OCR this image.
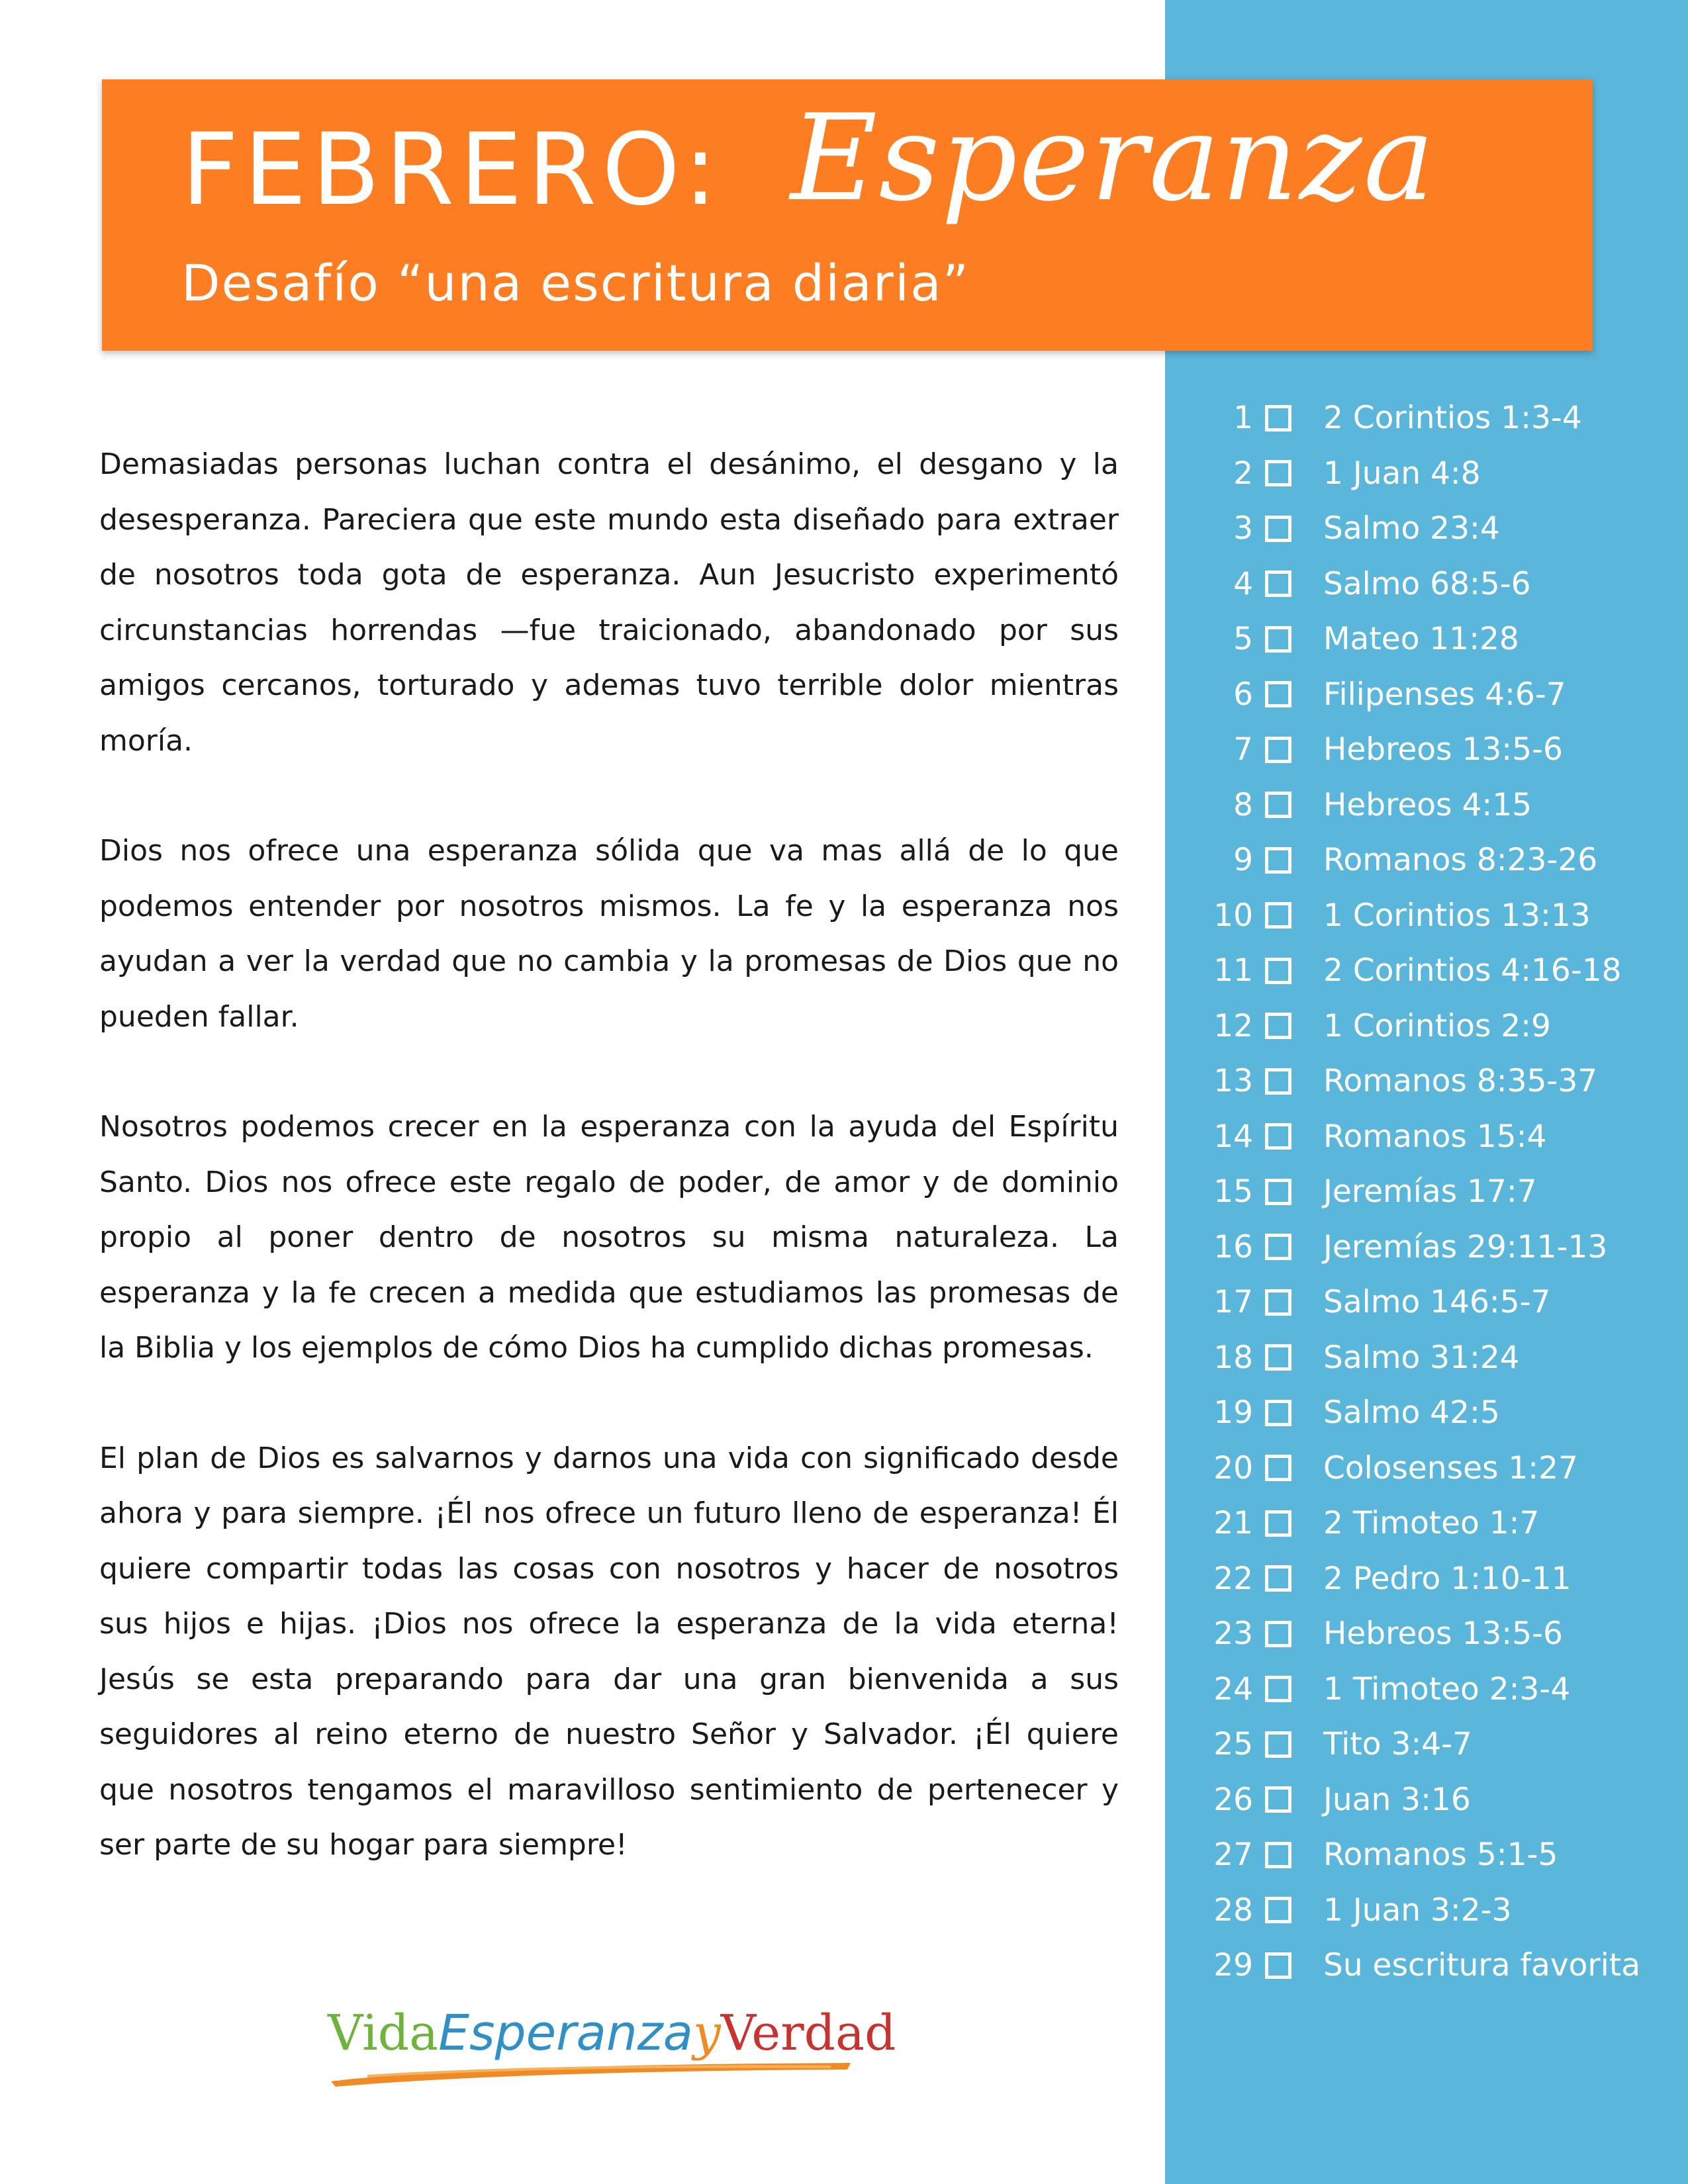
FEBRERO: Esperanza
Desafío “una escritura diaria”

Demasiadas personas luchan contra el desánimo, el desgano y la desesperanza. Pareciera que este mundo esta diseñado para extraer de nosotros toda gota de esperanza. Aun Jesucristo experimentó circunstancias horrendas —fue traicionado, abandonado por sus amigos cercanos, torturado y ademas tuvo terrible dolor mientras moría.

Dios nos ofrece una esperanza sólida que va mas allá de lo que podemos entender por nosotros mismos. La fe y la esperanza nos ayudan a ver la verdad que no cambia y la promesas de Dios que no pueden fallar.

Nosotros podemos crecer en la esperanza con la ayuda del Espíritu Santo. Dios nos ofrece este regalo de poder, de amor y de dominio propio al poner dentro de nosotros su misma naturaleza. La esperanza y la fe crecen a medida que estudiamos las promesas de la Biblia y los ejemplos de cómo Dios ha cumplido dichas promesas.

El plan de Dios es salvarnos y darnos una vida con significado desde ahora y para siempre. ¡Él nos ofrece un futuro lleno de esperanza! Él quiere compartir todas las cosas con nosotros y hacer de nosotros sus hijos e hijas. ¡Dios nos ofrece la esperanza de la vida eterna! Jesús se esta preparando para dar una gran bienvenida a sus seguidores al reino eterno de nuestro Señor y Salvador. ¡Él quiere que nosotros tengamos el maravilloso sentimiento de pertenecer y ser parte de su hogar para siempre!

1 2 Corintios 1:3-4
2 1 Juan 4:8
3 Salmo 23:4
4 Salmo 68:5-6
5 Mateo 11:28
6 Filipenses 4:6-7
7 Hebreos 13:5-6
8 Hebreos 4:15
9 Romanos 8:23-26
10 1 Corintios 13:13
11 2 Corintios 4:16-18
12 1 Corintios 2:9
13 Romanos 8:35-37
14 Romanos 15:4
15 Jeremías 17:7
16 Jeremías 29:11-13
17 Salmo 146:5-7
18 Salmo 31:24
19 Salmo 42:5
20 Colosenses 1:27
21 2 Timoteo 1:7
22 2 Pedro 1:10-11
23 Hebreos 13:5-6
24 1 Timoteo 2:3-4
25 Tito 3:4-7
26 Juan 3:16
27 Romanos 5:1-5
28 1 Juan 3:2-3
29 Su escritura favorita
VidaEsperanzayVerdad
